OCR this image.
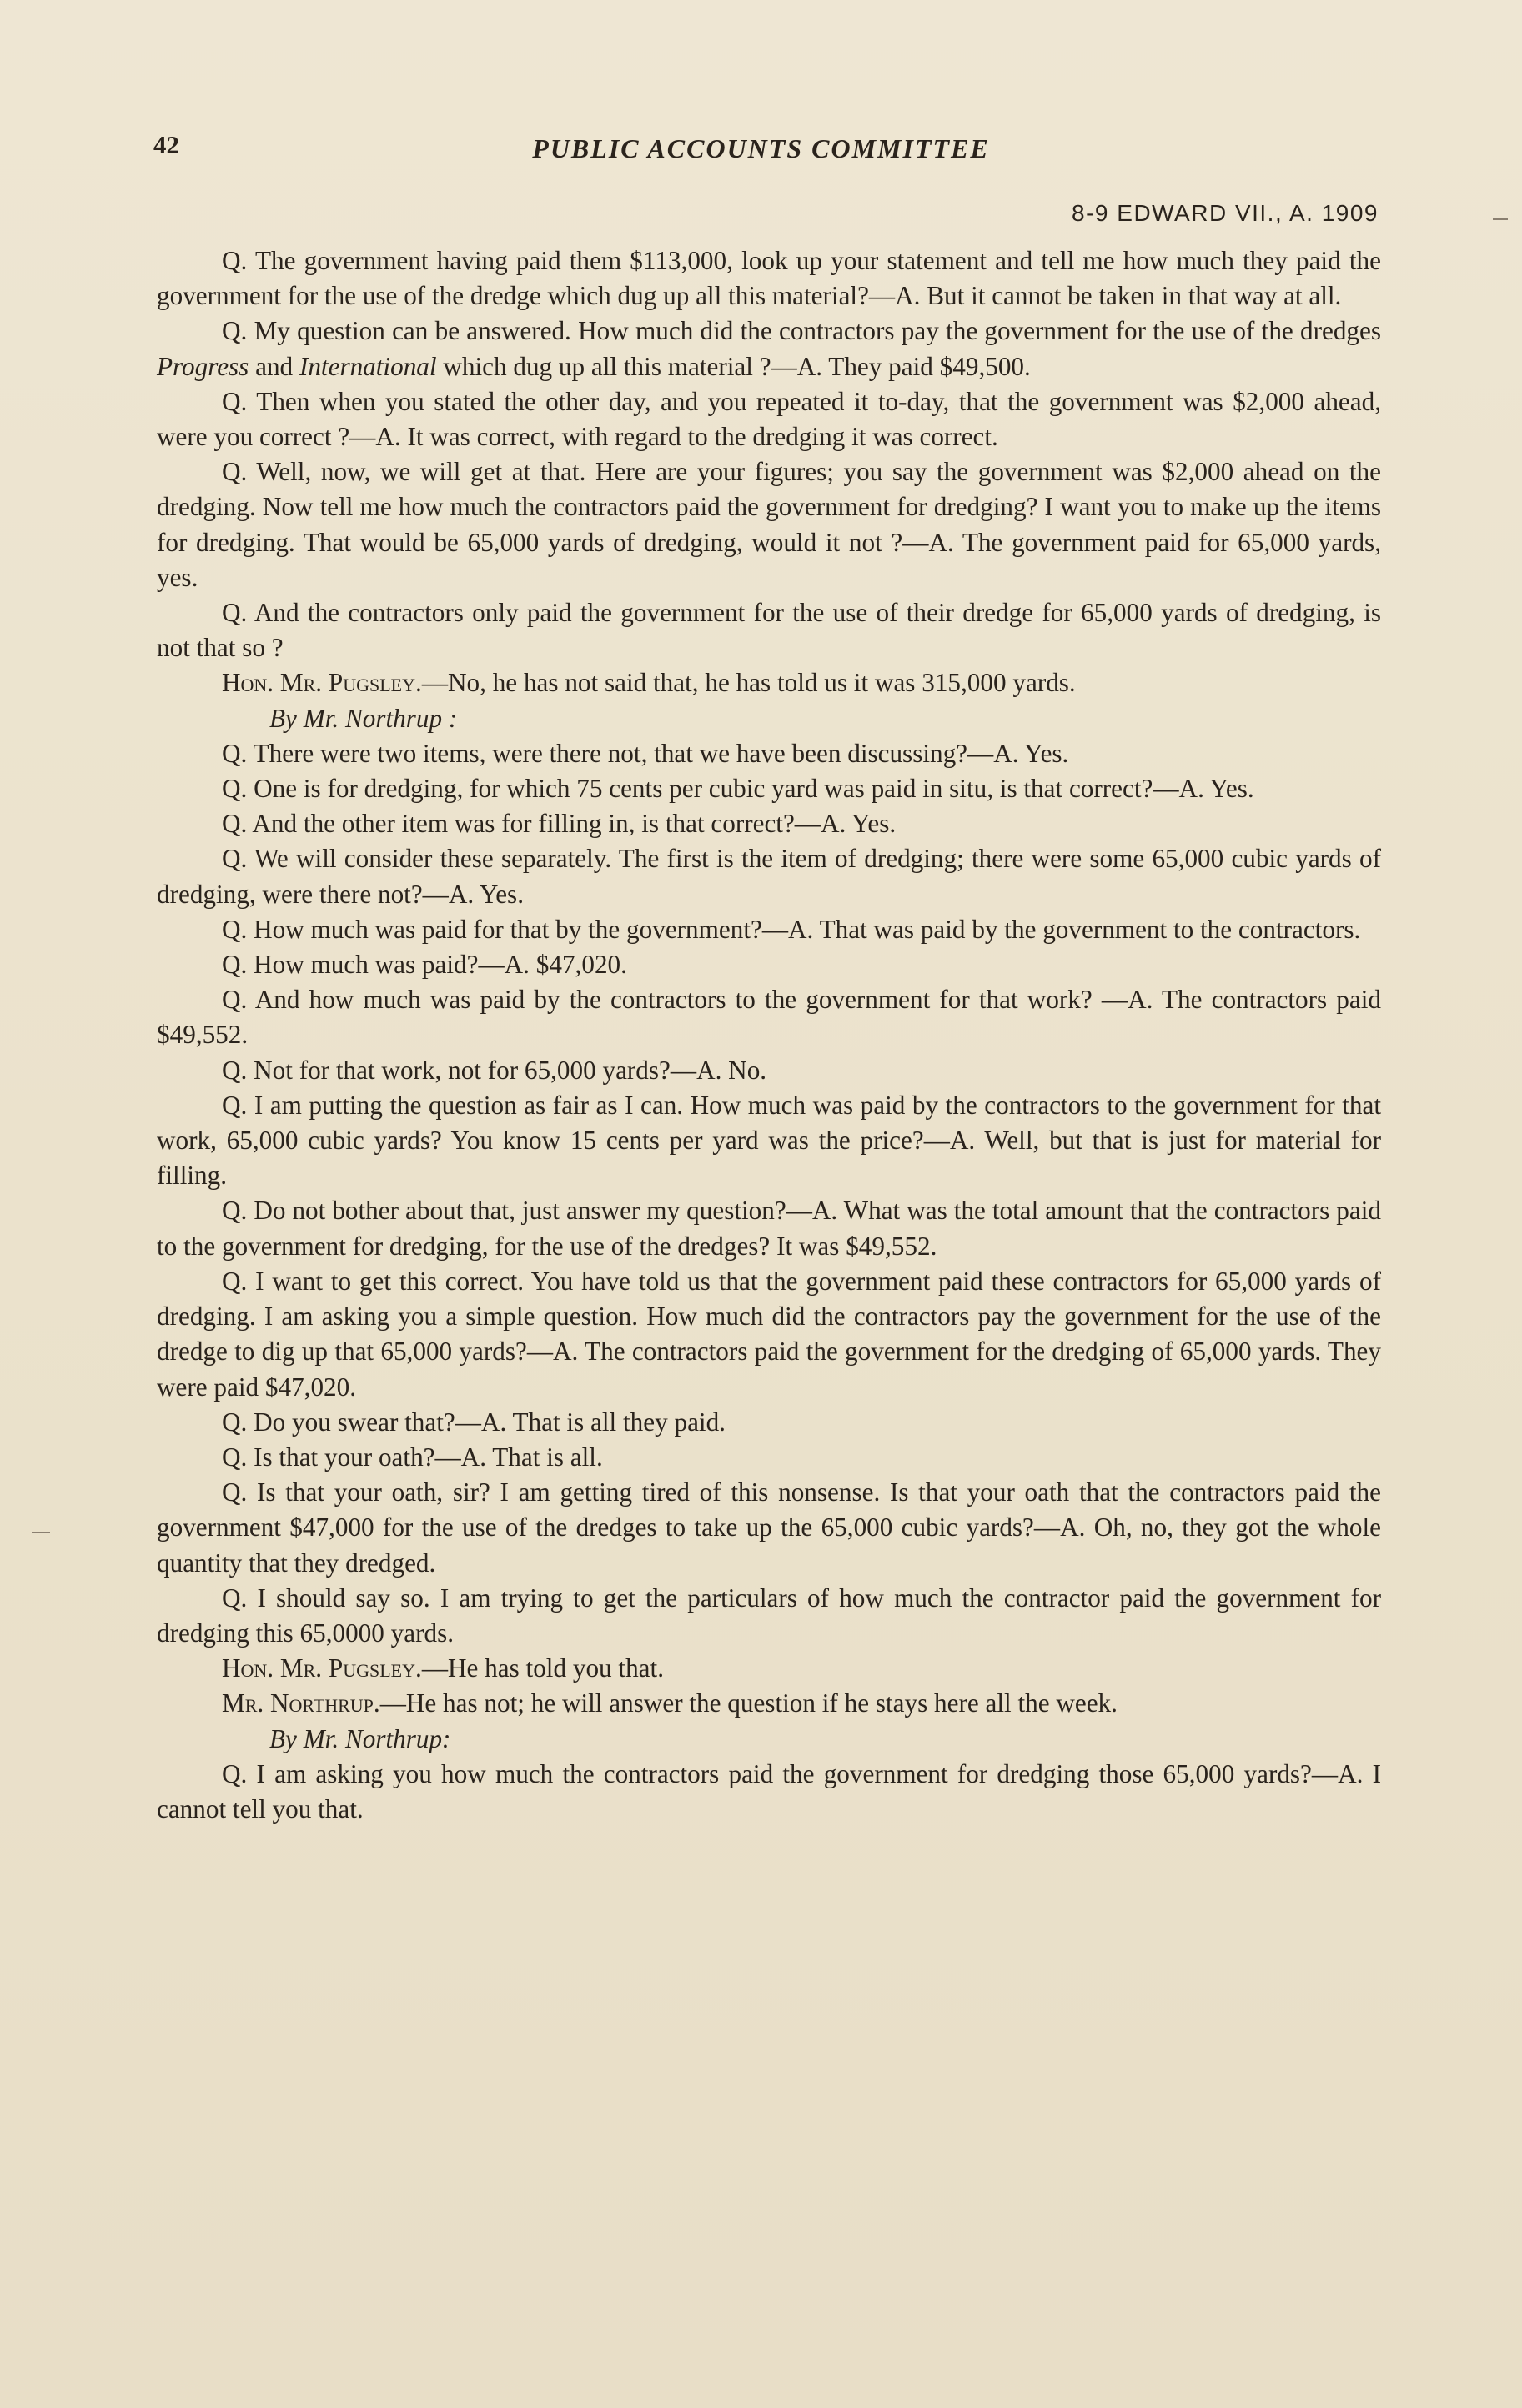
42	PUBLIC ACCOUNTS COMMITTEE
8-9 EDWARD VII., A. 1909

Q. The government having paid them $113,000, look up your statement and tell me how much they paid the government for the use of the dredge which dug up all this material?—A. But it cannot be taken in that way at all.

Q. My question can be answered. How much did the contractors pay the government for the use of the dredges Progress and International which dug up all this material ?—A. They paid $49,500.

Q. Then when you stated the other day, and you repeated it to-day, that the government was $2,000 ahead, were you correct ?—A. It was correct, with regard to the dredging it was correct.

Q. Well, now, we will get at that. Here are your figures; you say the government was $2,000 ahead on the dredging. Now tell me how much the contractors paid the government for dredging? I want you to make up the items for dredging. That would be 65,000 yards of dredging, would it not ?—A. The government paid for 65,000 yards, yes.

Q. And the contractors only paid the government for the use of their dredge for 65,000 yards of dredging, is not that so ?

Hon. Mr. Pugsley.—No, he has not said that, he has told us it was 315,000 yards.

By Mr. Northrup :

Q. There were two items, were there not, that we have been discussing?—A. Yes.

Q. One is for dredging, for which 75 cents per cubic yard was paid in situ, is that correct?—A. Yes.

Q. And the other item was for filling in, is that correct?—A. Yes.

Q. We will consider these separately. The first is the item of dredging; there were some 65,000 cubic yards of dredging, were there not?—A. Yes.

Q. How much was paid for that by the government?—A. That was paid by the government to the contractors.

Q. How much was paid?—A. $47,020.

Q. And how much was paid by the contractors to the government for that work? —A. The contractors paid $49,552.

Q. Not for that work, not for 65,000 yards?—A. No.

Q. I am putting the question as fair as I can. How much was paid by the contractors to the government for that work, 65,000 cubic yards? You know 15 cents per yard was the price?—A. Well, but that is just for material for filling.

Q. Do not bother about that, just answer my question?—A. What was the total amount that the contractors paid to the government for dredging, for the use of the dredges? It was $49,552.

Q. I want to get this correct. You have told us that the government paid these contractors for 65,000 yards of dredging. I am asking you a simple question. How much did the contractors pay the government for the use of the dredge to dig up that 65,000 yards?—A. The contractors paid the government for the dredging of 65,000 yards. They were paid $47,020.

Q. Do you swear that?—A. That is all they paid.

Q. Is that your oath?—A. That is all.

Q. Is that your oath, sir? I am getting tired of this nonsense. Is that your oath that the contractors paid the government $47,000 for the use of the dredges to take up the 65,000 cubic yards?—A. Oh, no, they got the whole quantity that they dredged.

Q. I should say so. I am trying to get the particulars of how much the contractor paid the government for dredging this 65,0000 yards.

Hon. Mr. Pugsley.—He has told you that.

Mr. Northrup.—He has not; he will answer the question if he stays here all the week.

By Mr. Northrup:

Q. I am asking you how much the contractors paid the government for dredging those 65,000 yards?—A. I cannot tell you that.
